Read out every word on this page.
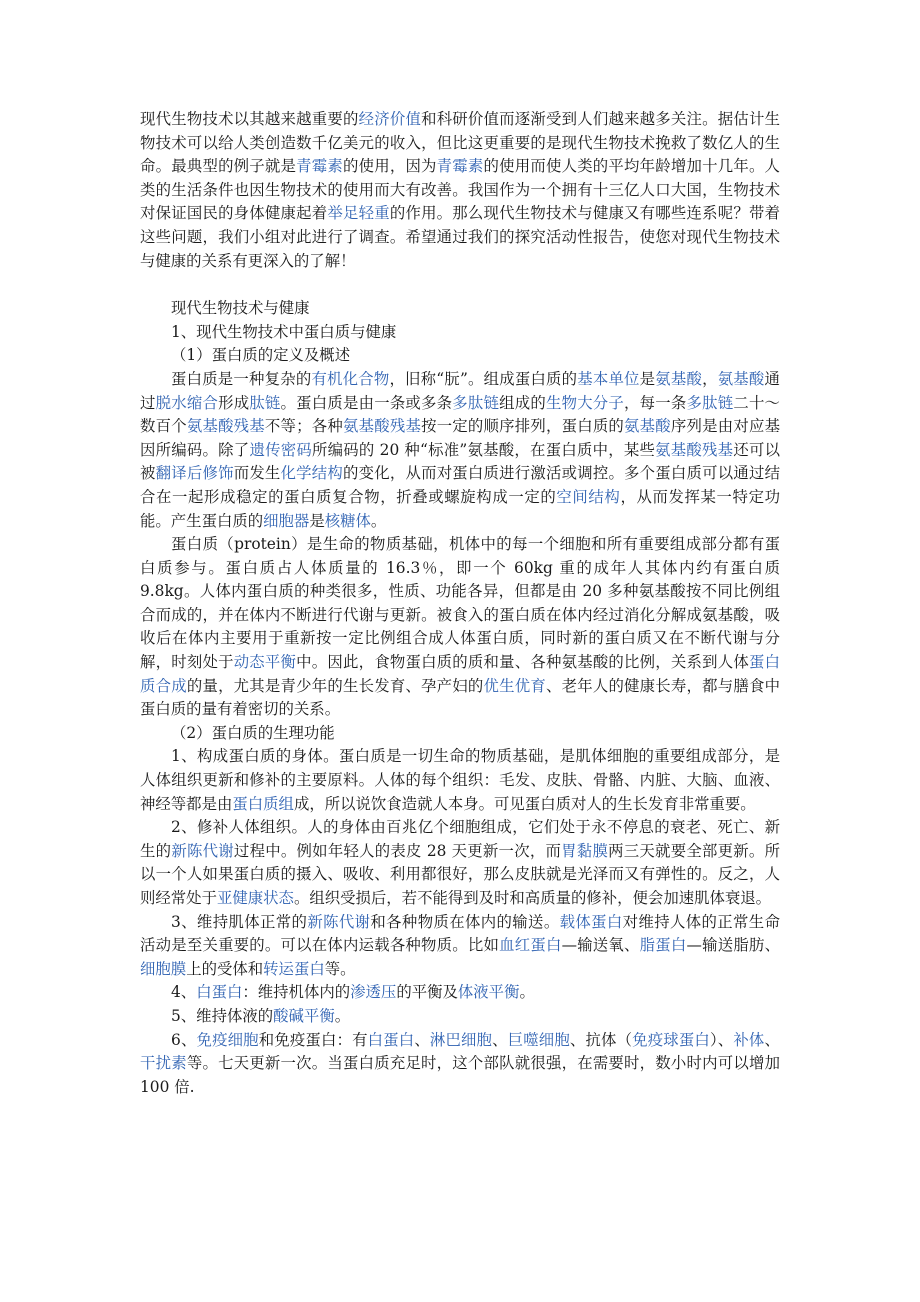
现代生物技术以其越来越重要的经济价值和科研价值而逐渐受到人们越来越多关注。据估计生物技术可以给人类创造数千亿美元的收入，但比这更重要的是现代生物技术挽救了数亿人的生命。最典型的例子就是青霉素的使用，因为青霉素的使用而使人类的平均年龄增加十几年。人类的生活条件也因生物技术的使用而大有改善。我国作为一个拥有十三亿人口大国，生物技术对保证国民的身体健康起着举足轻重的作用。那么现代生物技术与健康又有哪些连系呢？带着这些问题，我们小组对此进行了调查。希望通过我们的探究活动性报告，使您对现代生物技术与健康的关系有更深入的了解！

现代生物技术与健康

1、现代生物技术中蛋白质与健康

（1）蛋白质的定义及概述

蛋白质是一种复杂的有机化合物，旧称“朊”。组成蛋白质的基本单位是氨基酸，氨基酸通过脱水缩合形成肽链。蛋白质是由一条或多条多肽链组成的生物大分子，每一条多肽链二十～数百个氨基酸残基不等；各种氨基酸残基按一定的顺序排列，蛋白质的氨基酸序列是由对应基因所编码。除了遗传密码所编码的 20 种“标准”氨基酸，在蛋白质中，某些氨基酸残基还可以被翻译后修饰而发生化学结构的变化，从而对蛋白质进行激活或调控。多个蛋白质可以通过结合在一起形成稳定的蛋白质复合物，折叠或螺旋构成一定的空间结构，从而发挥某一特定功能。产生蛋白质的细胞器是核糖体。

蛋白质（protein）是生命的物质基础，机体中的每一个细胞和所有重要组成部分都有蛋白质参与。蛋白质占人体质量的 16.3％，即一个 60kg 重的成年人其体内约有蛋白质 9.8kg。人体内蛋白质的种类很多，性质、功能各异，但都是由 20 多种氨基酸按不同比例组合而成的，并在体内不断进行代谢与更新。被食入的蛋白质在体内经过消化分解成氨基酸，吸收后在体内主要用于重新按一定比例组合成人体蛋白质，同时新的蛋白质又在不断代谢与分解，时刻处于动态平衡中。因此，食物蛋白质的质和量、各种氨基酸的比例，关系到人体蛋白质合成的量，尤其是青少年的生长发育、孕产妇的优生优育、老年人的健康长寿，都与膳食中蛋白质的量有着密切的关系。

（2）蛋白质的生理功能

1、构成蛋白质的身体。蛋白质是一切生命的物质基础，是肌体细胞的重要组成部分，是人体组织更新和修补的主要原料。人体的每个组织：毛发、皮肤、骨骼、内脏、大脑、血液、神经等都是由蛋白质组成，所以说饮食造就人本身。可见蛋白质对人的生长发育非常重要。

2、修补人体组织。人的身体由百兆亿个细胞组成，它们处于永不停息的衰老、死亡、新生的新陈代谢过程中。例如年轻人的表皮 28 天更新一次，而胃黏膜两三天就要全部更新。所以一个人如果蛋白质的摄入、吸收、利用都很好，那么皮肤就是光泽而又有弹性的。反之，人则经常处于亚健康状态。组织受损后，若不能得到及时和高质量的修补，便会加速肌体衰退。

3、维持肌体正常的新陈代谢和各种物质在体内的输送。载体蛋白对维持人体的正常生命活动是至关重要的。可以在体内运载各种物质。比如血红蛋白—输送氧、脂蛋白—输送脂肪、细胞膜上的受体和转运蛋白等。

4、白蛋白：维持机体内的渗透压的平衡及体液平衡。

5、维持体液的酸碱平衡。

6、免疫细胞和免疫蛋白：有白蛋白、淋巴细胞、巨噬细胞、抗体（免疫球蛋白）、补体、干扰素等。七天更新一次。当蛋白质充足时，这个部队就很强，在需要时，数小时内可以增加 100 倍.
